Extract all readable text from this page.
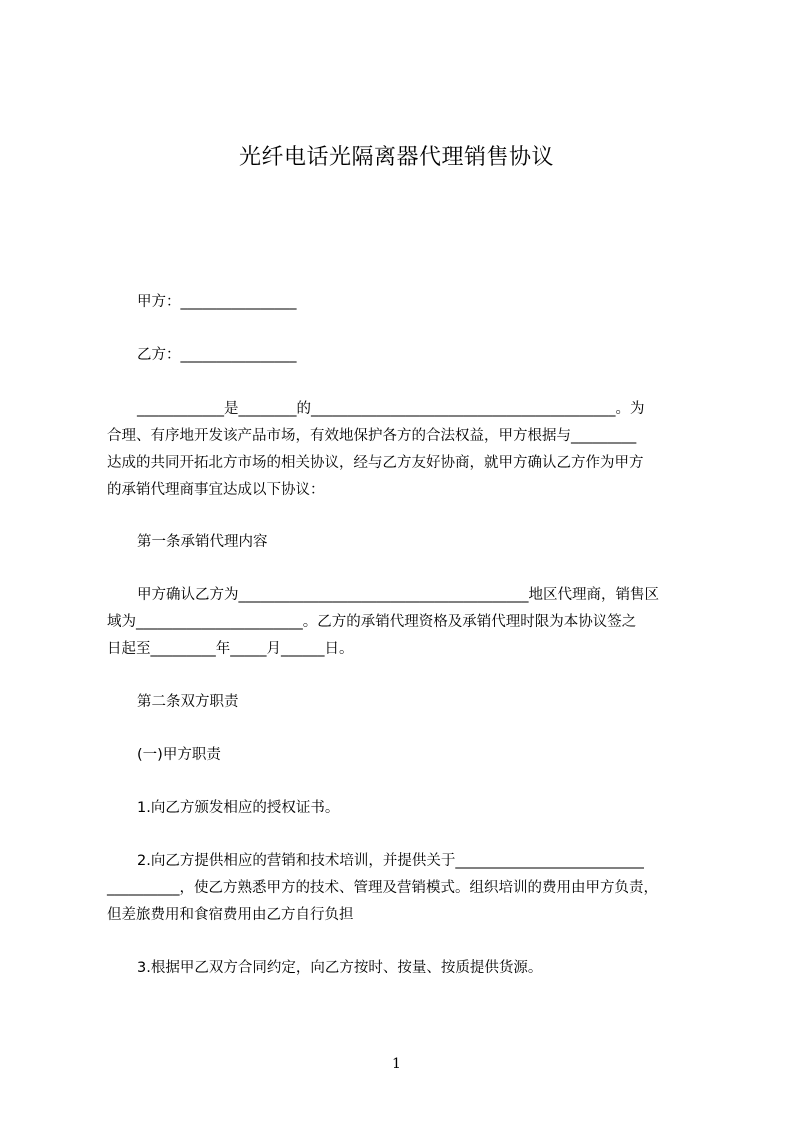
光纤电话光隔离器代理销售协议

甲方：________________

乙方：________________

____________是________的__________________________________________。为

合理、有序地开发该产品市场，有效地保护各方的合法权益，甲方根据与_________

达成的共同开拓北方市场的相关协议，经与乙方友好协商，就甲方确认乙方作为甲方

的承销代理商事宜达成以下协议：

第一条承销代理内容

甲方确认乙方为________________________________________地区代理商，销售区

域为_______________________。乙方的承销代理资格及承销代理时限为本协议签之

日起至_________年_____月______日。

第二条双方职责

(一)甲方职责

1.向乙方颁发相应的授权证书。

2.向乙方提供相应的营销和技术培训，并提供关于__________________________

__________，使乙方熟悉甲方的技术、管理及营销模式。组织培训的费用由甲方负责，

但差旅费用和食宿费用由乙方自行负担

3.根据甲乙双方合同约定，向乙方按时、按量、按质提供货源。

1
